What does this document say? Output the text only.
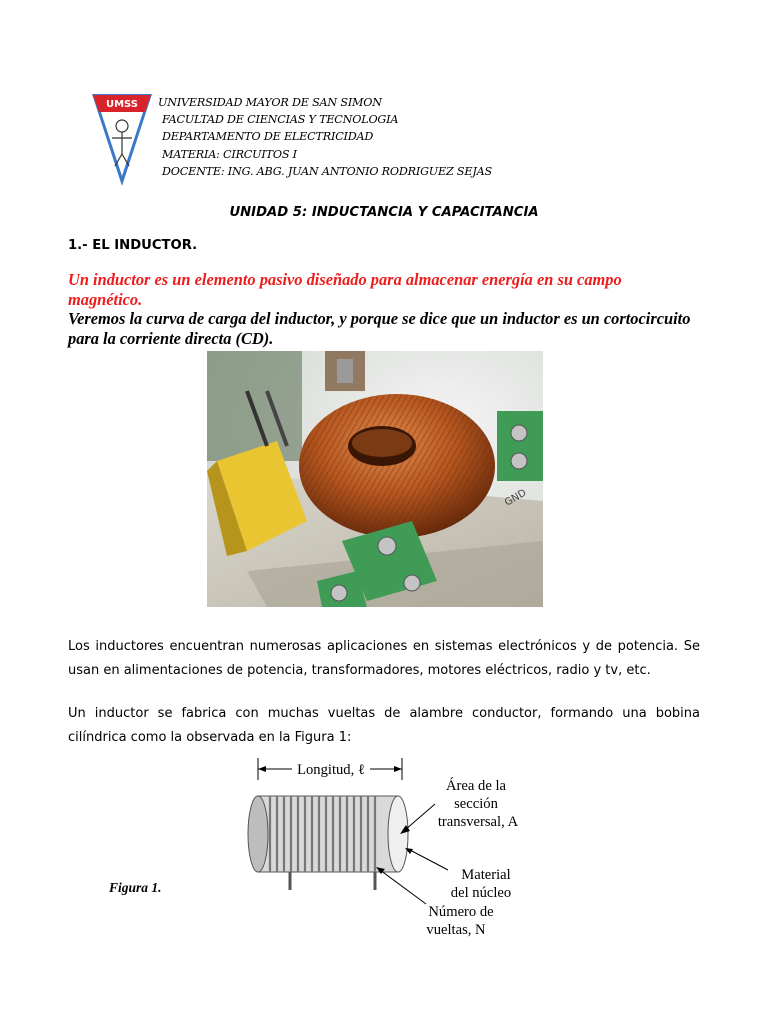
UMSS UNIVERSIDAD MAYOR DE SAN SIMON
FACULTAD DE CIENCIAS Y TECNOLOGIA
DEPARTAMENTO DE ELECTRICIDAD
MATERIA: CIRCUITOS I
DOCENTE: ING. ABG. JUAN ANTONIO RODRIGUEZ SEJAS
UNIDAD 5: INDUCTANCIA Y CAPACITANCIA
1.- EL INDUCTOR.
Un inductor es un elemento pasivo diseñado para almacenar energía en su campo magnético.
Veremos la curva de carga del inductor, y porque se dice que un inductor es un cortocircuito para la corriente directa (CD).
GND
Los inductores encuentran numerosas aplicaciones en sistemas electrónicos y de potencia. Se usan en alimentaciones de potencia, transformadores, motores eléctricos, radio y tv, etc.
Un inductor se fabrica con muchas vueltas de alambre conductor, formando una bobina cilíndrica como la observada en la Figura 1:
Longitud, ℓ
Área de la
sección
transversal, A
Material
del núcleo
Número de
vueltas, N
Figura 1.
